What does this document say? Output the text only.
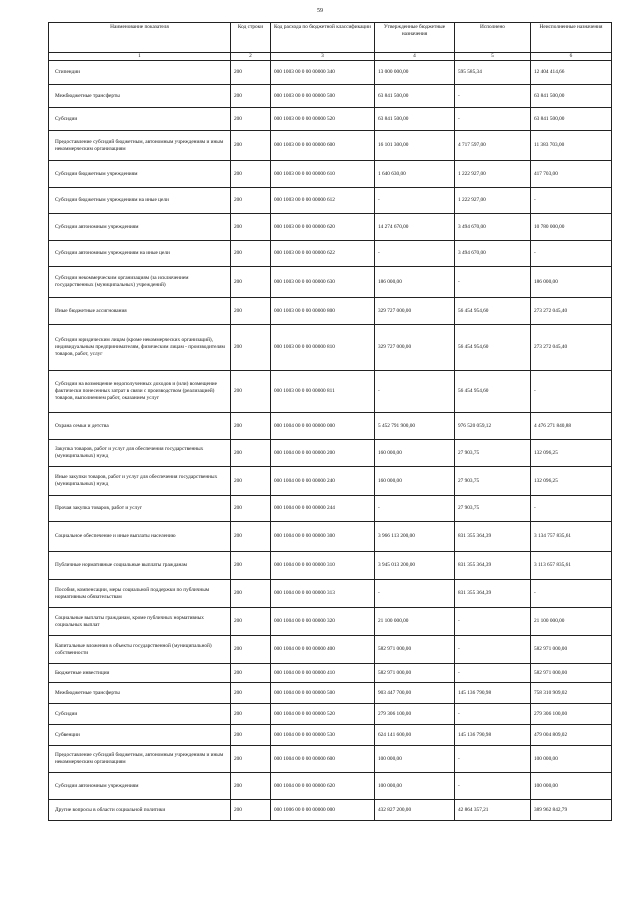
59
Наименование показателя	Код строки	Код расхода по бюджетной классификации	Утвержденные бюджетные назначения	Исполнено	Неисполненные назначения
1	2	3	4	5	6
Стипендии	200	000 1003 00 0 00 00000 340	13 000 000,00	595 585,34	12 404 414,66
Межбюджетные трансферты	200	000 1003 00 0 00 00000 500	63 841 500,00	-	63 841 500,00
Субсидии	200	000 1003 00 0 00 00000 520	63 841 500,00	-	63 841 500,00
Предоставление субсидий бюджетным, автономным учреждениям и иным некоммерческим организациям	200	000 1003 00 0 00 00000 600	16 101 300,00	4 717 597,00	11 383 703,00
Субсидии бюджетным учреждениям	200	000 1003 00 0 00 00000 610	1 640 630,00	1 222 927,00	417 703,00
Субсидии бюджетным учреждениям на иные цели	200	000 1003 00 0 00 00000 612	-	1 222 927,00	-
Субсидии автономным учреждениям	200	000 1003 00 0 00 00000 620	14 274 670,00	3 494 670,00	10 780 000,00
Субсидии автономным учреждениям на иные цели	200	000 1003 00 0 00 00000 622	-	3 494 670,00	-
Субсидии некоммерческим организациям (за исключением государственных (муниципальных) учреждений)	200	000 1003 00 0 00 00000 630	186 000,00	-	186 000,00
Иные бюджетные ассигнования	200	000 1003 00 0 00 00000 800	329 727 000,00	56 454 954,60	273 272 045,40
Субсидии юридическим лицам (кроме некоммерческих организаций), индивидуальным предпринимателям, физическим лицам - производителям товаров, работ, услуг	200	000 1003 00 0 00 00000 810	329 727 000,00	56 454 954,60	273 272 045,40
Субсидии на возмещение недополученных доходов и (или) возмещение фактически понесенных затрат в связи с производством (реализацией) товаров, выполнением работ, оказанием услуг	200	000 1003 00 0 00 00000 811	-	56 454 954,60	-
Охрана семьи и детства	200	000 1004 00 0 00 00000 000	5 452 791 900,00	976 520 059,12	4 476 271 840,88
Закупка товаров, работ и услуг для обеспечения государственных (муниципальных) нужд	200	000 1004 00 0 00 00000 200	160 000,00	27 903,75	132 096,25
Иные закупки товаров, работ и услуг для обеспечения государственных (муниципальных) нужд	200	000 1004 00 0 00 00000 240	160 000,00	27 903,75	132 096,25
Прочая закупка товаров, работ и услуг	200	000 1004 00 0 00 00000 244	-	27 903,75	-
Социальное обеспечение и иные выплаты населению	200	000 1004 00 0 00 00000 300	3 966 113 200,00	831 355 364,39	3 134 757 835,61
Публичные нормативные социальные выплаты гражданам	200	000 1004 00 0 00 00000 310	3 945 013 200,00	831 355 364,39	3 113 657 835,61
Пособия, компенсации, меры социальной поддержки по публичным нормативным обязательствам	200	000 1004 00 0 00 00000 313	-	831 355 364,39	-
Социальные выплаты гражданам, кроме публичных нормативных социальных выплат	200	000 1004 00 0 00 00000 320	21 100 000,00	-	21 100 000,00
Капитальные вложения в объекты государственной (муниципальной) собственности	200	000 1004 00 0 00 00000 400	582 971 000,00	-	582 971 000,00
Бюджетные инвестиции	200	000 1004 00 0 00 00000 410	582 971 000,00	-	582 971 000,00
Межбюджетные трансферты	200	000 1004 00 0 00 00000 500	903 447 700,00	145 136 790,98	758 310 909,02
Субсидии	200	000 1004 00 0 00 00000 520	279 306 100,00	-	279 306 100,00
Субвенции	200	000 1004 00 0 00 00000 530	624 141 600,00	145 136 790,98	479 004 809,02
Предоставление субсидий бюджетным, автономным учреждениям и иным некоммерческим организациям	200	000 1004 00 0 00 00000 600	100 000,00	-	100 000,00
Субсидии автономным учреждениям	200	000 1004 00 0 00 00000 620	100 000,00	-	100 000,00
Другие вопросы в области социальной политики	200	000 1006 00 0 00 00000 000	432 827 200,00	42 864 357,21	389 962 842,79
